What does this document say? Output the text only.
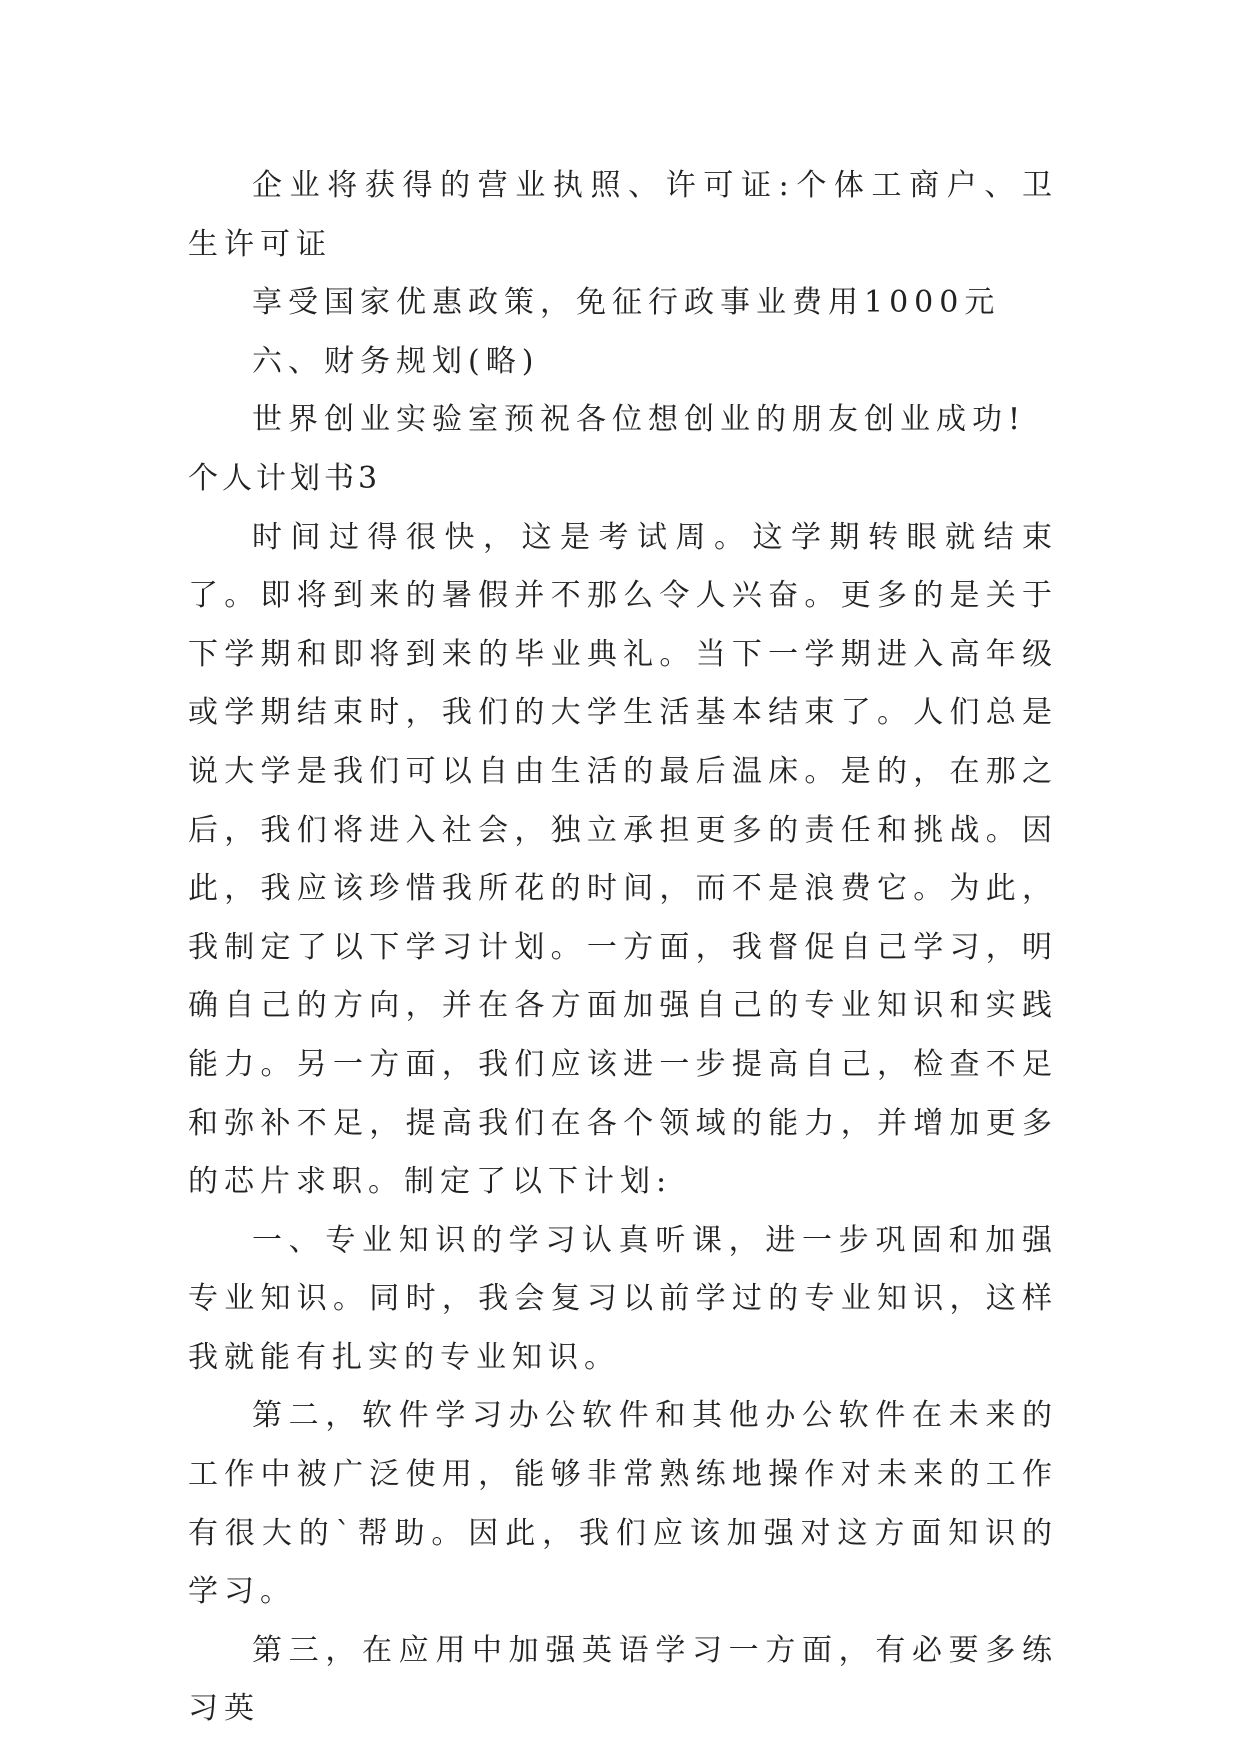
企业将获得的营业执照、许可证:个体工商户、卫生许可证

享受国家优惠政策，免征行政事业费用1000元

六、财务规划(略)

世界创业实验室预祝各位想创业的朋友创业成功!

个人计划书3

时间过得很快，这是考试周。这学期转眼就结束了。即将到来的暑假并不那么令人兴奋。更多的是关于下学期和即将到来的毕业典礼。当下一学期进入高年级或学期结束时，我们的大学生活基本结束了。人们总是说大学是我们可以自由生活的最后温床。是的，在那之后，我们将进入社会，独立承担更多的责任和挑战。因此，我应该珍惜我所花的时间，而不是浪费它。为此，我制定了以下学习计划。一方面，我督促自己学习，明确自己的方向，并在各方面加强自己的专业知识和实践能力。另一方面，我们应该进一步提高自己，检查不足和弥补不足，提高我们在各个领域的能力，并增加更多的芯片求职。制定了以下计划:

一、专业知识的学习认真听课，进一步巩固和加强专业知识。同时，我会复习以前学过的专业知识，这样我就能有扎实的专业知识。

第二，软件学习办公软件和其他办公软件在未来的工作中被广泛使用，能够非常熟练地操作对未来的工作有很大的`帮助。因此，我们应该加强对这方面知识的学习。

第三，在应用中加强英语学习一方面，有必要多练习英
